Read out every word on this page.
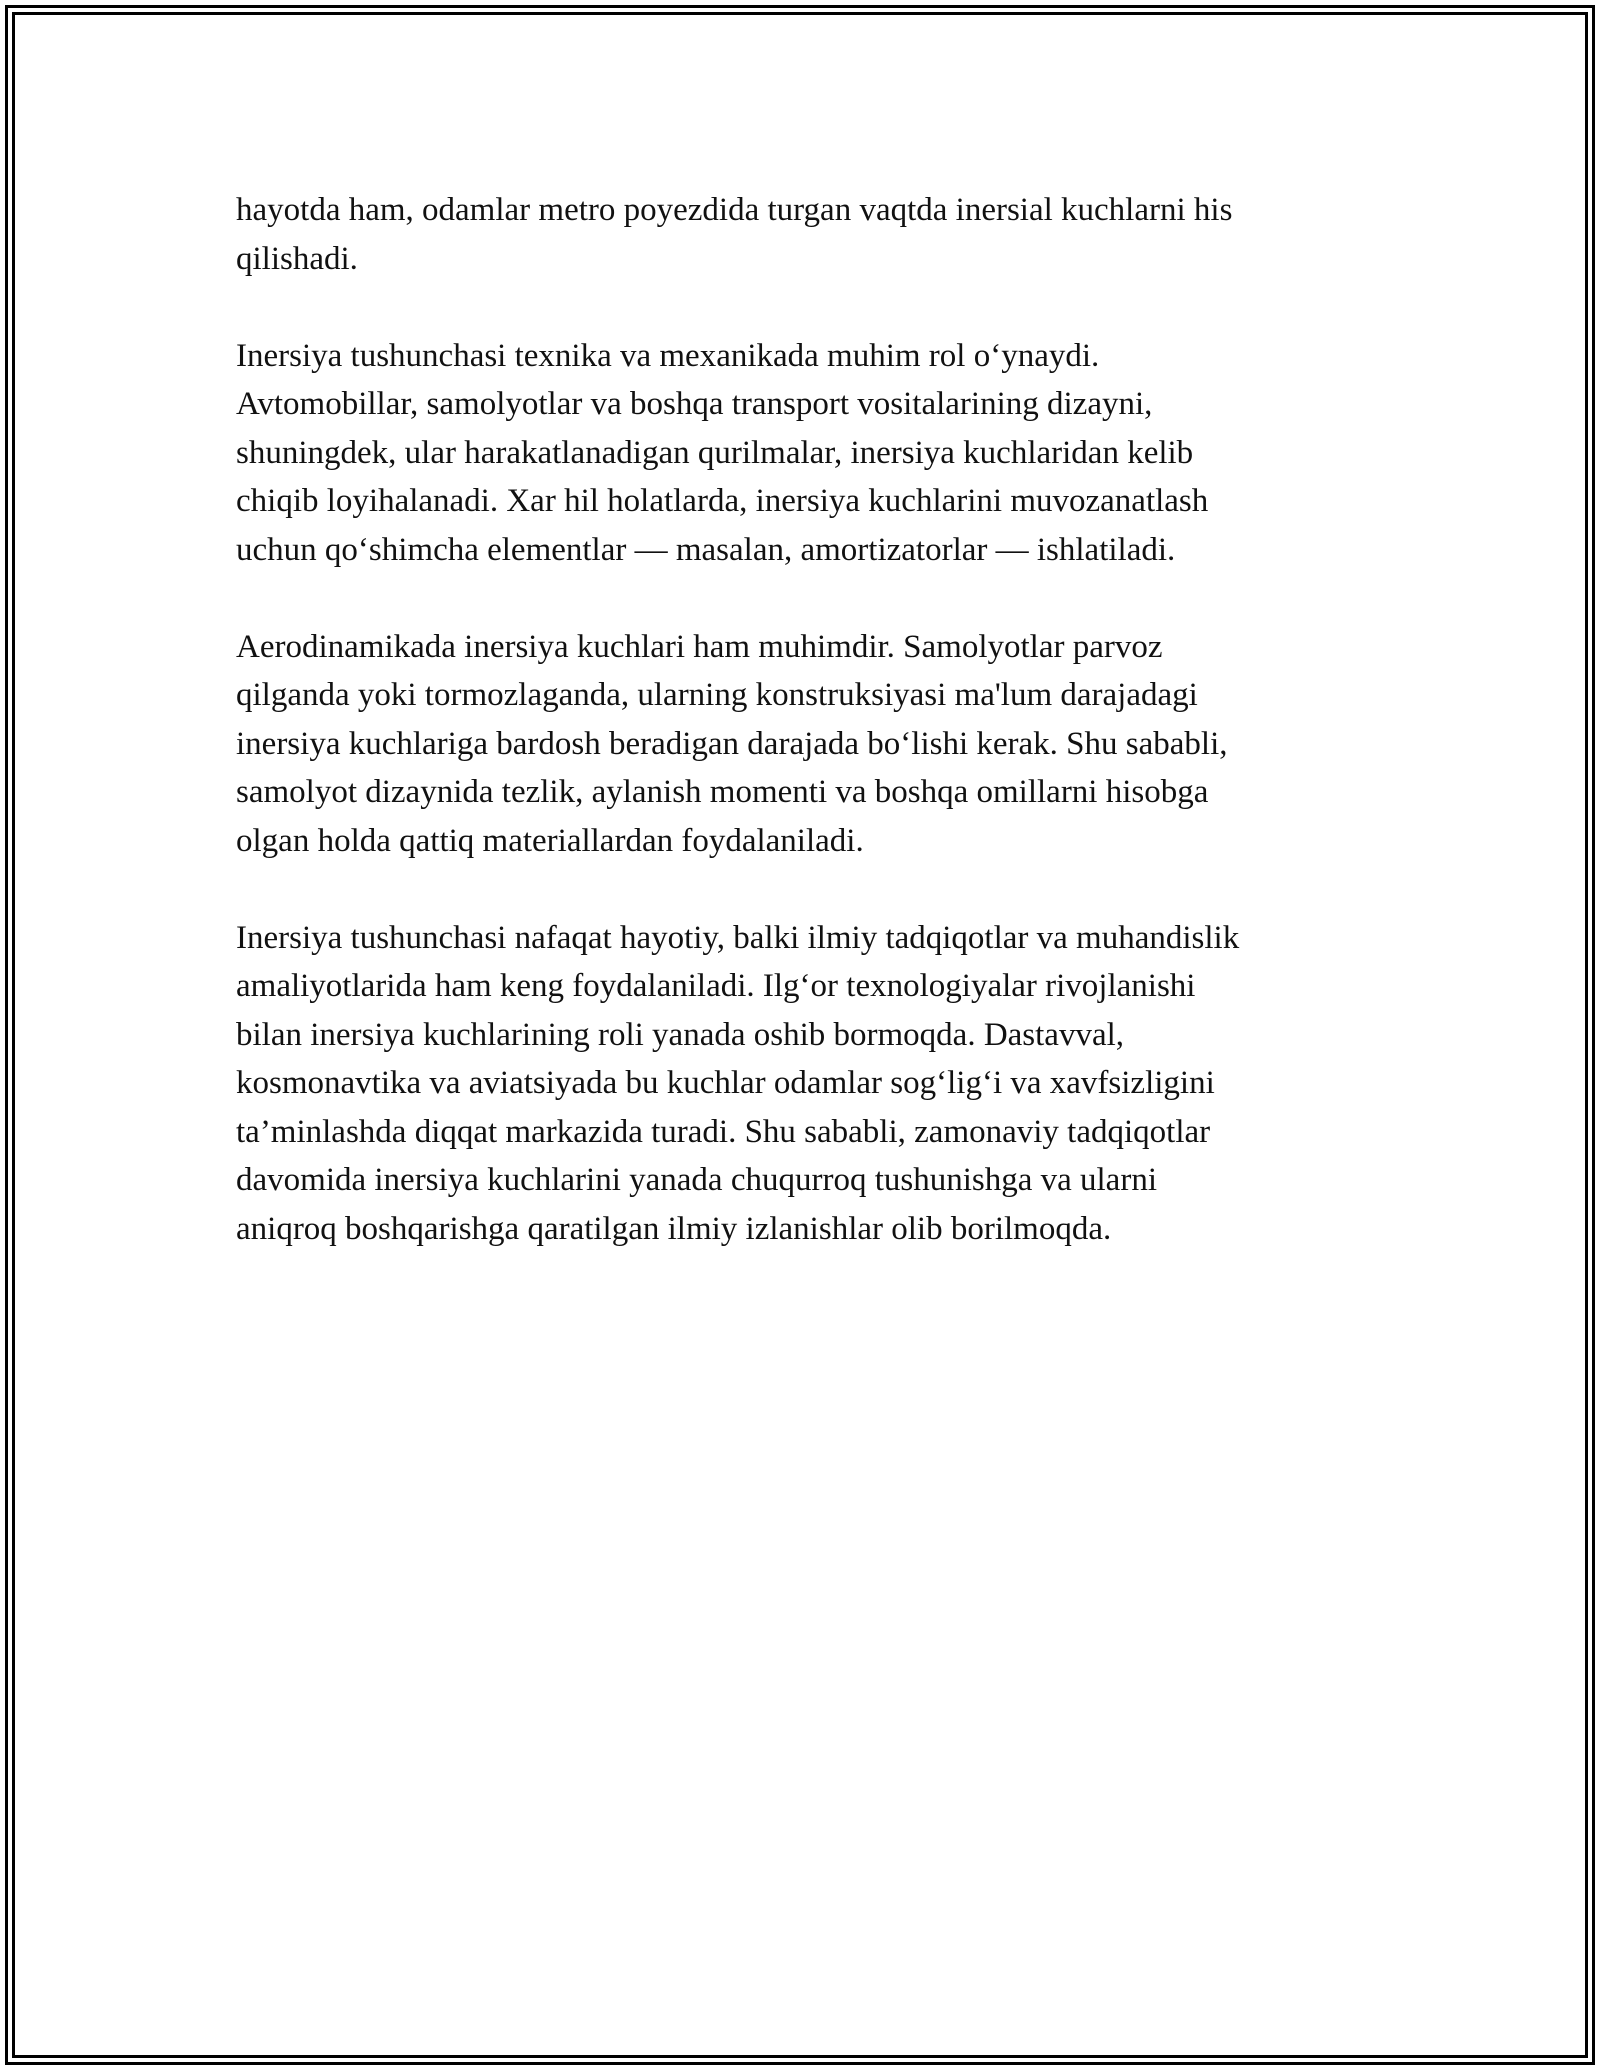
hayotda ham, odamlar metro poyezdida turgan vaqtda inersial kuchlarni his
qilishadi.

Inersiya tushunchasi texnika va mexanikada muhim rol o‘ynaydi.
Avtomobillar, samolyotlar va boshqa transport vositalarining dizayni,
shuningdek, ular harakatlanadigan qurilmalar, inersiya kuchlaridan kelib
chiqib loyihalanadi. Xar hil holatlarda, inersiya kuchlarini muvozanatlash
uchun qo‘shimcha elementlar — masalan, amortizatorlar — ishlatiladi.

Aerodinamikada inersiya kuchlari ham muhimdir. Samolyotlar parvoz
qilganda yoki tormozlaganda, ularning konstruksiyasi ma'lum darajadagi
inersiya kuchlariga bardosh beradigan darajada bo‘lishi kerak. Shu sababli,
samolyot dizaynida tezlik, aylanish momenti va boshqa omillarni hisobga
olgan holda qattiq materiallardan foydalaniladi.

Inersiya tushunchasi nafaqat hayotiy, balki ilmiy tadqiqotlar va muhandislik
amaliyotlarida ham keng foydalaniladi. Ilg‘or texnologiyalar rivojlanishi
bilan inersiya kuchlarining roli yanada oshib bormoqda. Dastavval,
kosmonavtika va aviatsiyada bu kuchlar odamlar sog‘lig‘i va xavfsizligini
ta’minlashda diqqat markazida turadi. Shu sababli, zamonaviy tadqiqotlar
davomida inersiya kuchlarini yanada chuqurroq tushunishga va ularni
aniqroq boshqarishga qaratilgan ilmiy izlanishlar olib borilmoqda.
